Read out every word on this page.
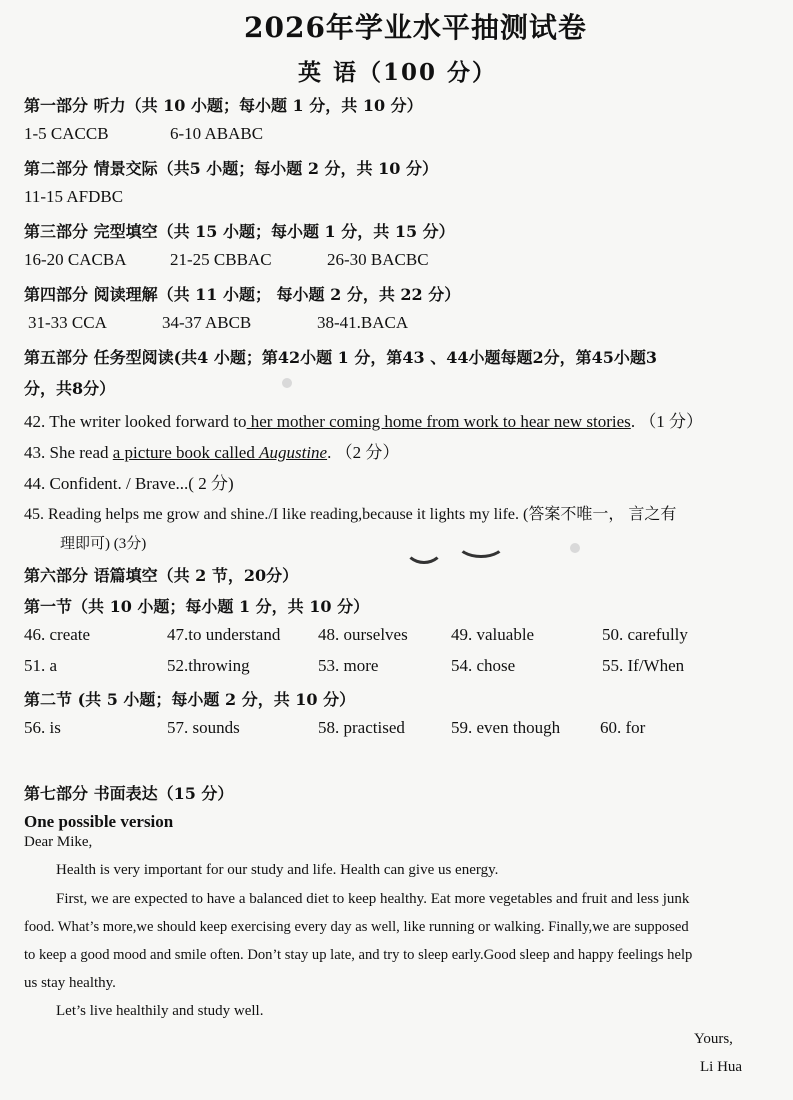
2026年学业水平抽测试卷
英 语（100 分）
第一部分 听力（共 10 小题；每小题 1 分，共 10 分）
1-5 CACCB	6-10 ABABC
第二部分 情景交际（共5 小题；每小题 2 分，共 10 分）
11-15 AFDBC
第三部分 完型填空（共 15 小题；每小题 1 分，共 15 分）
16-20 CACBA	21-25 CBBAC	26-30 BACBC
第四部分 阅读理解（共 11 小题； 每小题 2 分，共 22 分）
31-33 CCA	34-37 ABCB	38-41.BACA
第五部分 任务型阅读(共4 小题；第42小题 1 分，第43 、44小题每题2分，第45小题3
分，共8分）
42. The writer looked forward to her mother coming home from work to hear new stories. （1 分）
43. She read a picture book called Augustine. （2 分）
44. Confident. / Brave...( 2 分)
45. Reading helps me grow and shine./I like reading,because it lights my life. (答案不唯一， 言之有
理即可) (3分)
第六部分 语篇填空（共 2 节，20分）
第一节（共 10 小题；每小题 1 分，共 10 分）
46. create	47.to understand 48. ourselves	49. valuable	50. carefully
51. a	52.throwing	53. more	54. chose	55. If/When
第二节 (共 5 小题；每小题 2 分，共 10 分）
56. is	57. sounds	58. practised	59. even though 60. for
第七部分 书面表达（15 分）
One possible version
Dear Mike,
Health is very important for our study and life. Health can give us energy.
First, we are expected to have a balanced diet to keep healthy. Eat more vegetables and fruit and less junk
food. What’s more,we should keep exercising every day as well, like running or walking. Finally,we are supposed
to keep a good mood and smile often. Don’t stay up late, and try to sleep early.Good sleep and happy feelings help
us stay healthy.
Let’s live healthily and study well.
Yours,
Li Hua
